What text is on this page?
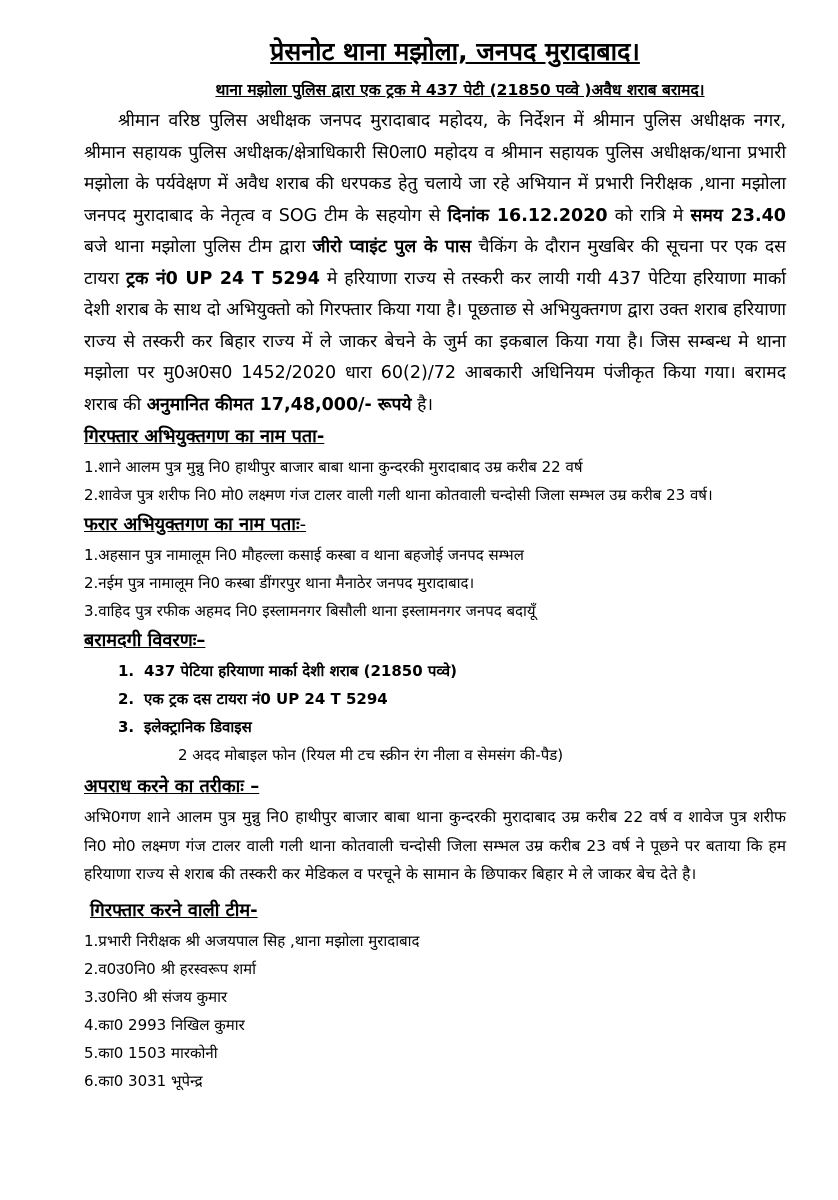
प्रेसनोट थाना मझोला, जनपद मुरादाबाद।
थाना मझोला पुलिस द्वारा एक ट्रक मे 437 पेटी (21850 पव्वे )अवैध शराब बरामद।

श्रीमान वरिष्ठ पुलिस अधीक्षक जनपद मुरादाबाद महोदय, के निर्देशन में श्रीमान पुलिस अधीक्षक नगर, श्रीमान सहायक पुलिस अधीक्षक/क्षेत्राधिकारी सि0ला0 महोदय व श्रीमान सहायक पुलिस अधीक्षक/थाना प्रभारी मझोला के पर्यवेक्षण में अवैध शराब की धरपकड हेतु चलाये जा रहे अभियान में प्रभारी निरीक्षक ,थाना मझोला जनपद मुरादाबाद के नेतृत्व व SOG टीम के सहयोग से दिनांक 16.12.2020 को रात्रि मे समय 23.40 बजे थाना मझोला पुलिस टीम द्वारा जीरो प्वाइंट पुल के पास चैकिंग के दौरान मुखबिर की सूचना पर एक दस टायरा ट्रक नं0 UP 24 T 5294 मे हरियाणा राज्य से तस्करी कर लायी गयी 437 पेटिया हरियाणा मार्का देशी शराब के साथ दो अभियुक्तो को गिरफ्तार किया गया है। पूछताछ से अभियुक्तगण द्वारा उक्त शराब हरियाणा राज्य से तस्करी कर बिहार राज्य में ले जाकर बेचने के जुर्म का इकबाल किया गया है। जिस सम्बन्ध मे थाना मझोला पर मु0अ0स0 1452/2020 धारा 60(2)/72 आबकारी अधिनियम पंजीकृत किया गया। बरामद शराब की अनुमानित कीमत 17,48,000/- रूपये है।

गिरफ्तार अभियुक्तगण का नाम पता-

1.शाने आलम पुत्र मुन्नु नि0 हाथीपुर बाजार बाबा थाना कुन्दरकी मुरादाबाद उम्र करीब 22 वर्ष

2.शावेज पुत्र शरीफ नि0 मो0 लक्ष्मण गंज टालर वाली गली थाना कोतवाली चन्दोसी जिला सम्भल उम्र करीब 23 वर्ष।

फरार अभियुक्तगण का नाम पताः-

1.अहसान पुत्र नामालूम नि0 मौहल्ला कसाई कस्बा व थाना बहजोई जनपद सम्भल

2.नईम पुत्र नामालूम नि0 कस्बा डींगरपुर थाना मैनाठेर जनपद मुरादाबाद।

3.वाहिद पुत्र रफीक अहमद नि0 इस्लामनगर बिसौली थाना इस्लामनगर जनपद बदायूँ

बरामदगी विवरणः–
1. 437 पेटिया हरियाणा मार्का देशी शराब (21850 पव्वे)
2. एक ट्रक दस टायरा नं0 UP 24 T 5294
3. इलेक्ट्रानिक डिवाइस
2 अदद मोबाइल फोन (रियल मी टच स्क्रीन रंग नीला व सेमसंग की-पैड)
अपराध करने का तरीकाः –

अभि0गण शाने आलम पुत्र मुन्नु नि0 हाथीपुर बाजार बाबा थाना कुन्दरकी मुरादाबाद उम्र करीब 22 वर्ष व शावेज पुत्र शरीफ नि0 मो0 लक्ष्मण गंज टालर वाली गली थाना कोतवाली चन्दोसी जिला सम्भल उम्र करीब 23 वर्ष ने पूछने पर बताया कि हम हरियाणा राज्य से शराब की तस्करी कर मेडिकल व परचूने के सामान के छिपाकर बिहार मे ले जाकर बेच देते है।

गिरफ्तार करने वाली टीम-

1.प्रभारी निरीक्षक श्री अजयपाल सिह ,थाना मझोला मुरादाबाद

2.व0उ0नि0 श्री हरस्वरूप शर्मा

3.उ0नि0 श्री संजय कुमार

4.का0 2993 निखिल कुमार

5.का0 1503 मारकोनी

6.का0 3031 भूपेन्द्र
